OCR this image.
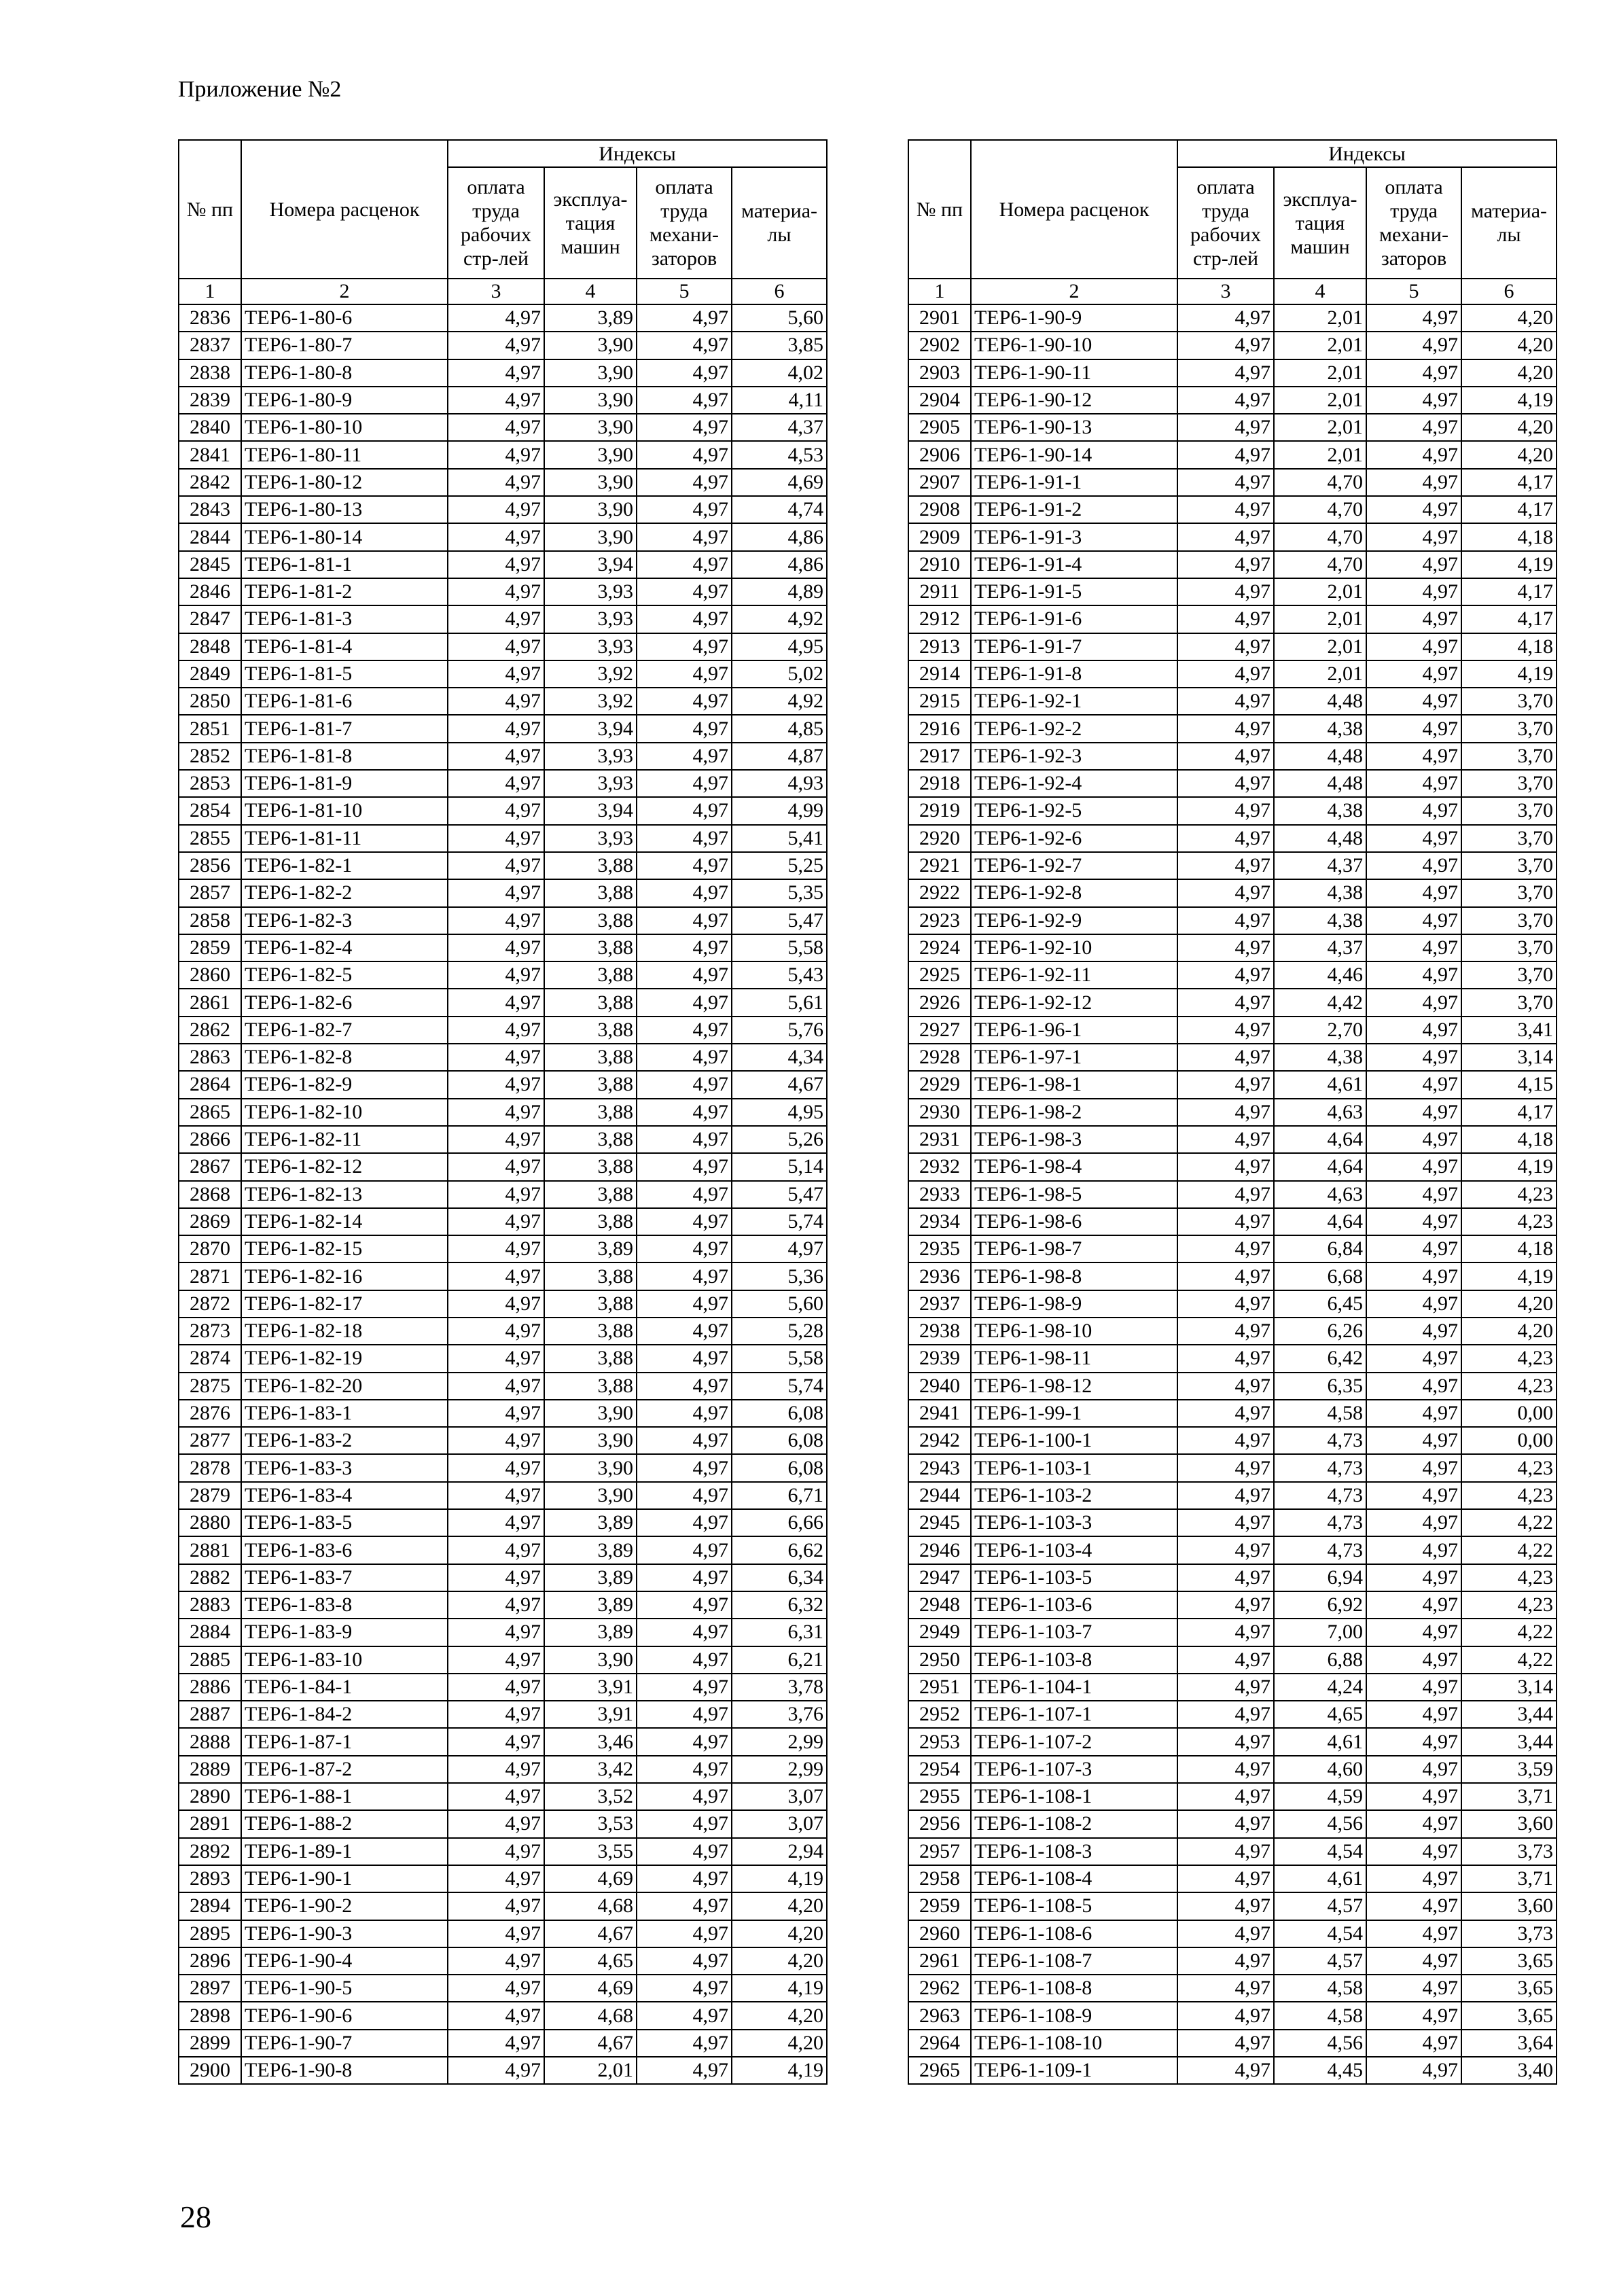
Приложение №2
№ пп	Номера расценок	Индексы			
		оплата труда рабочих стр-лей	эксплуа-тация машин	оплата труда механи-заторов	материа-лы
1	2	3	4	5	6
2836	ТЕР6-1-80-6	4,97	3,89	4,97	5,60
2837	ТЕР6-1-80-7	4,97	3,90	4,97	3,85
2838	ТЕР6-1-80-8	4,97	3,90	4,97	4,02
2839	ТЕР6-1-80-9	4,97	3,90	4,97	4,11
2840	ТЕР6-1-80-10	4,97	3,90	4,97	4,37
2841	ТЕР6-1-80-11	4,97	3,90	4,97	4,53
2842	ТЕР6-1-80-12	4,97	3,90	4,97	4,69
2843	ТЕР6-1-80-13	4,97	3,90	4,97	4,74
2844	ТЕР6-1-80-14	4,97	3,90	4,97	4,86
2845	ТЕР6-1-81-1	4,97	3,94	4,97	4,86
2846	ТЕР6-1-81-2	4,97	3,93	4,97	4,89
2847	ТЕР6-1-81-3	4,97	3,93	4,97	4,92
2848	ТЕР6-1-81-4	4,97	3,93	4,97	4,95
2849	ТЕР6-1-81-5	4,97	3,92	4,97	5,02
2850	ТЕР6-1-81-6	4,97	3,92	4,97	4,92
2851	ТЕР6-1-81-7	4,97	3,94	4,97	4,85
2852	ТЕР6-1-81-8	4,97	3,93	4,97	4,87
2853	ТЕР6-1-81-9	4,97	3,93	4,97	4,93
2854	ТЕР6-1-81-10	4,97	3,94	4,97	4,99
2855	ТЕР6-1-81-11	4,97	3,93	4,97	5,41
2856	ТЕР6-1-82-1	4,97	3,88	4,97	5,25
2857	ТЕР6-1-82-2	4,97	3,88	4,97	5,35
2858	ТЕР6-1-82-3	4,97	3,88	4,97	5,47
2859	ТЕР6-1-82-4	4,97	3,88	4,97	5,58
2860	ТЕР6-1-82-5	4,97	3,88	4,97	5,43
2861	ТЕР6-1-82-6	4,97	3,88	4,97	5,61
2862	ТЕР6-1-82-7	4,97	3,88	4,97	5,76
2863	ТЕР6-1-82-8	4,97	3,88	4,97	4,34
2864	ТЕР6-1-82-9	4,97	3,88	4,97	4,67
2865	ТЕР6-1-82-10	4,97	3,88	4,97	4,95
2866	ТЕР6-1-82-11	4,97	3,88	4,97	5,26
2867	ТЕР6-1-82-12	4,97	3,88	4,97	5,14
2868	ТЕР6-1-82-13	4,97	3,88	4,97	5,47
2869	ТЕР6-1-82-14	4,97	3,88	4,97	5,74
2870	ТЕР6-1-82-15	4,97	3,89	4,97	4,97
2871	ТЕР6-1-82-16	4,97	3,88	4,97	5,36
2872	ТЕР6-1-82-17	4,97	3,88	4,97	5,60
2873	ТЕР6-1-82-18	4,97	3,88	4,97	5,28
2874	ТЕР6-1-82-19	4,97	3,88	4,97	5,58
2875	ТЕР6-1-82-20	4,97	3,88	4,97	5,74
2876	ТЕР6-1-83-1	4,97	3,90	4,97	6,08
2877	ТЕР6-1-83-2	4,97	3,90	4,97	6,08
2878	ТЕР6-1-83-3	4,97	3,90	4,97	6,08
2879	ТЕР6-1-83-4	4,97	3,90	4,97	6,71
2880	ТЕР6-1-83-5	4,97	3,89	4,97	6,66
2881	ТЕР6-1-83-6	4,97	3,89	4,97	6,62
2882	ТЕР6-1-83-7	4,97	3,89	4,97	6,34
2883	ТЕР6-1-83-8	4,97	3,89	4,97	6,32
2884	ТЕР6-1-83-9	4,97	3,89	4,97	6,31
2885	ТЕР6-1-83-10	4,97	3,90	4,97	6,21
2886	ТЕР6-1-84-1	4,97	3,91	4,97	3,78
2887	ТЕР6-1-84-2	4,97	3,91	4,97	3,76
2888	ТЕР6-1-87-1	4,97	3,46	4,97	2,99
2889	ТЕР6-1-87-2	4,97	3,42	4,97	2,99
2890	ТЕР6-1-88-1	4,97	3,52	4,97	3,07
2891	ТЕР6-1-88-2	4,97	3,53	4,97	3,07
2892	ТЕР6-1-89-1	4,97	3,55	4,97	2,94
2893	ТЕР6-1-90-1	4,97	4,69	4,97	4,19
2894	ТЕР6-1-90-2	4,97	4,68	4,97	4,20
2895	ТЕР6-1-90-3	4,97	4,67	4,97	4,20
2896	ТЕР6-1-90-4	4,97	4,65	4,97	4,20
2897	ТЕР6-1-90-5	4,97	4,69	4,97	4,19
2898	ТЕР6-1-90-6	4,97	4,68	4,97	4,20
2899	ТЕР6-1-90-7	4,97	4,67	4,97	4,20
2900	ТЕР6-1-90-8	4,97	2,01	4,97	4,19
№ пп	Номера расценок	Индексы			
		оплата труда рабочих стр-лей	эксплуа-тация машин	оплата труда механи-заторов	материа-лы
1	2	3	4	5	6
2901	ТЕР6-1-90-9	4,97	2,01	4,97	4,20
2902	ТЕР6-1-90-10	4,97	2,01	4,97	4,20
2903	ТЕР6-1-90-11	4,97	2,01	4,97	4,20
2904	ТЕР6-1-90-12	4,97	2,01	4,97	4,19
2905	ТЕР6-1-90-13	4,97	2,01	4,97	4,20
2906	ТЕР6-1-90-14	4,97	2,01	4,97	4,20
2907	ТЕР6-1-91-1	4,97	4,70	4,97	4,17
2908	ТЕР6-1-91-2	4,97	4,70	4,97	4,17
2909	ТЕР6-1-91-3	4,97	4,70	4,97	4,18
2910	ТЕР6-1-91-4	4,97	4,70	4,97	4,19
2911	ТЕР6-1-91-5	4,97	2,01	4,97	4,17
2912	ТЕР6-1-91-6	4,97	2,01	4,97	4,17
2913	ТЕР6-1-91-7	4,97	2,01	4,97	4,18
2914	ТЕР6-1-91-8	4,97	2,01	4,97	4,19
2915	ТЕР6-1-92-1	4,97	4,48	4,97	3,70
2916	ТЕР6-1-92-2	4,97	4,38	4,97	3,70
2917	ТЕР6-1-92-3	4,97	4,48	4,97	3,70
2918	ТЕР6-1-92-4	4,97	4,48	4,97	3,70
2919	ТЕР6-1-92-5	4,97	4,38	4,97	3,70
2920	ТЕР6-1-92-6	4,97	4,48	4,97	3,70
2921	ТЕР6-1-92-7	4,97	4,37	4,97	3,70
2922	ТЕР6-1-92-8	4,97	4,38	4,97	3,70
2923	ТЕР6-1-92-9	4,97	4,38	4,97	3,70
2924	ТЕР6-1-92-10	4,97	4,37	4,97	3,70
2925	ТЕР6-1-92-11	4,97	4,46	4,97	3,70
2926	ТЕР6-1-92-12	4,97	4,42	4,97	3,70
2927	ТЕР6-1-96-1	4,97	2,70	4,97	3,41
2928	ТЕР6-1-97-1	4,97	4,38	4,97	3,14
2929	ТЕР6-1-98-1	4,97	4,61	4,97	4,15
2930	ТЕР6-1-98-2	4,97	4,63	4,97	4,17
2931	ТЕР6-1-98-3	4,97	4,64	4,97	4,18
2932	ТЕР6-1-98-4	4,97	4,64	4,97	4,19
2933	ТЕР6-1-98-5	4,97	4,63	4,97	4,23
2934	ТЕР6-1-98-6	4,97	4,64	4,97	4,23
2935	ТЕР6-1-98-7	4,97	6,84	4,97	4,18
2936	ТЕР6-1-98-8	4,97	6,68	4,97	4,19
2937	ТЕР6-1-98-9	4,97	6,45	4,97	4,20
2938	ТЕР6-1-98-10	4,97	6,26	4,97	4,20
2939	ТЕР6-1-98-11	4,97	6,42	4,97	4,23
2940	ТЕР6-1-98-12	4,97	6,35	4,97	4,23
2941	ТЕР6-1-99-1	4,97	4,58	4,97	0,00
2942	ТЕР6-1-100-1	4,97	4,73	4,97	0,00
2943	ТЕР6-1-103-1	4,97	4,73	4,97	4,23
2944	ТЕР6-1-103-2	4,97	4,73	4,97	4,23
2945	ТЕР6-1-103-3	4,97	4,73	4,97	4,22
2946	ТЕР6-1-103-4	4,97	4,73	4,97	4,22
2947	ТЕР6-1-103-5	4,97	6,94	4,97	4,23
2948	ТЕР6-1-103-6	4,97	6,92	4,97	4,23
2949	ТЕР6-1-103-7	4,97	7,00	4,97	4,22
2950	ТЕР6-1-103-8	4,97	6,88	4,97	4,22
2951	ТЕР6-1-104-1	4,97	4,24	4,97	3,14
2952	ТЕР6-1-107-1	4,97	4,65	4,97	3,44
2953	ТЕР6-1-107-2	4,97	4,61	4,97	3,44
2954	ТЕР6-1-107-3	4,97	4,60	4,97	3,59
2955	ТЕР6-1-108-1	4,97	4,59	4,97	3,71
2956	ТЕР6-1-108-2	4,97	4,56	4,97	3,60
2957	ТЕР6-1-108-3	4,97	4,54	4,97	3,73
2958	ТЕР6-1-108-4	4,97	4,61	4,97	3,71
2959	ТЕР6-1-108-5	4,97	4,57	4,97	3,60
2960	ТЕР6-1-108-6	4,97	4,54	4,97	3,73
2961	ТЕР6-1-108-7	4,97	4,57	4,97	3,65
2962	ТЕР6-1-108-8	4,97	4,58	4,97	3,65
2963	ТЕР6-1-108-9	4,97	4,58	4,97	3,65
2964	ТЕР6-1-108-10	4,97	4,56	4,97	3,64
2965	ТЕР6-1-109-1	4,97	4,45	4,97	3,40
28
